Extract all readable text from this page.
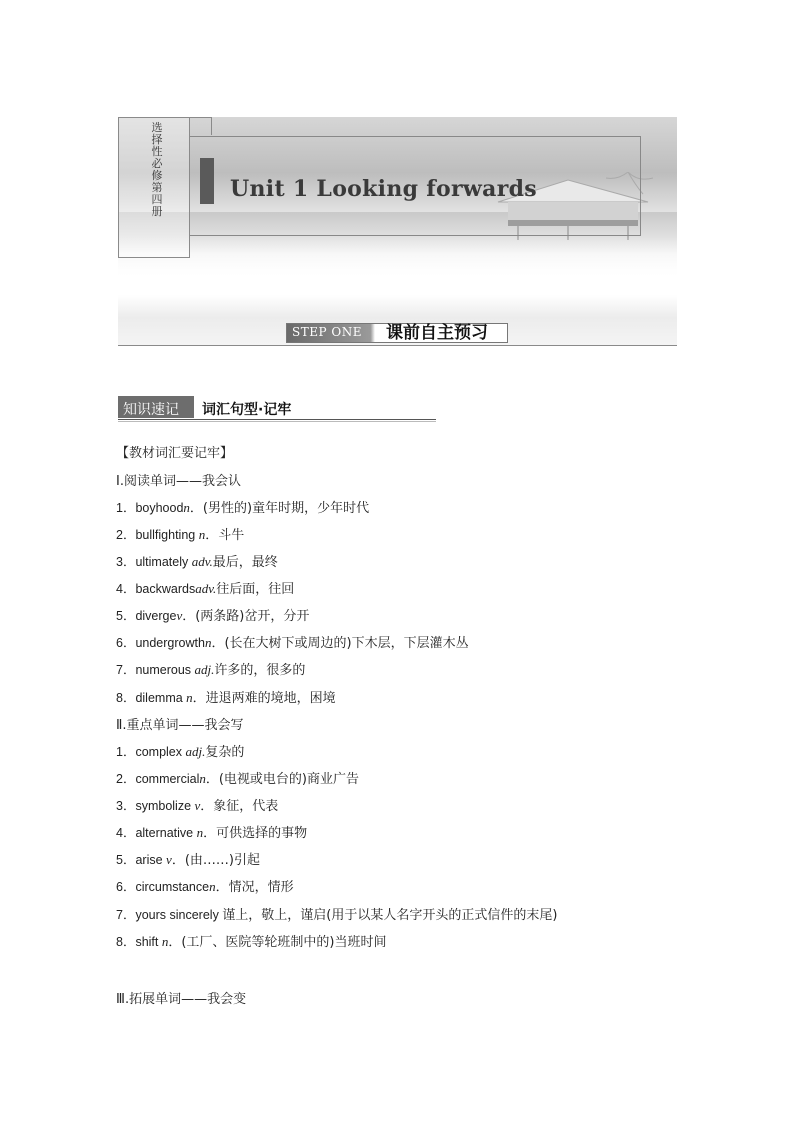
选择性必修第四册
Unit 1 Looking forwards
STEP ONE 课前自主预习
知识速记 词汇句型·记牢
【教材词汇要记牢】
Ⅰ.阅读单词——我会认
1．boyhoodn．(男性的)童年时期，少年时代
2．bullfighting n．斗牛
3．ultimately adv.最后，最终
4．backwardsadv.往后面，往回
5．divergev．(两条路)岔开，分开
6．undergrowthn．(长在大树下或周边的)下木层，下层灌木丛
7．numerous adj.许多的，很多的
8．dilemma n．进退两难的境地，困境
Ⅱ.重点单词——我会写
1．complex adj.复杂的
2．commercialn．(电视或电台的)商业广告
3．symbolize v．象征，代表
4．alternative n．可供选择的事物
5．arise v．(由……)引起
6．circumstancen．情况，情形
7．yours sincerely 谨上，敬上，谨启(用于以某人名字开头的正式信件的末尾)
8．shift n．(工厂、医院等轮班制中的)当班时间
Ⅲ.拓展单词——我会变
